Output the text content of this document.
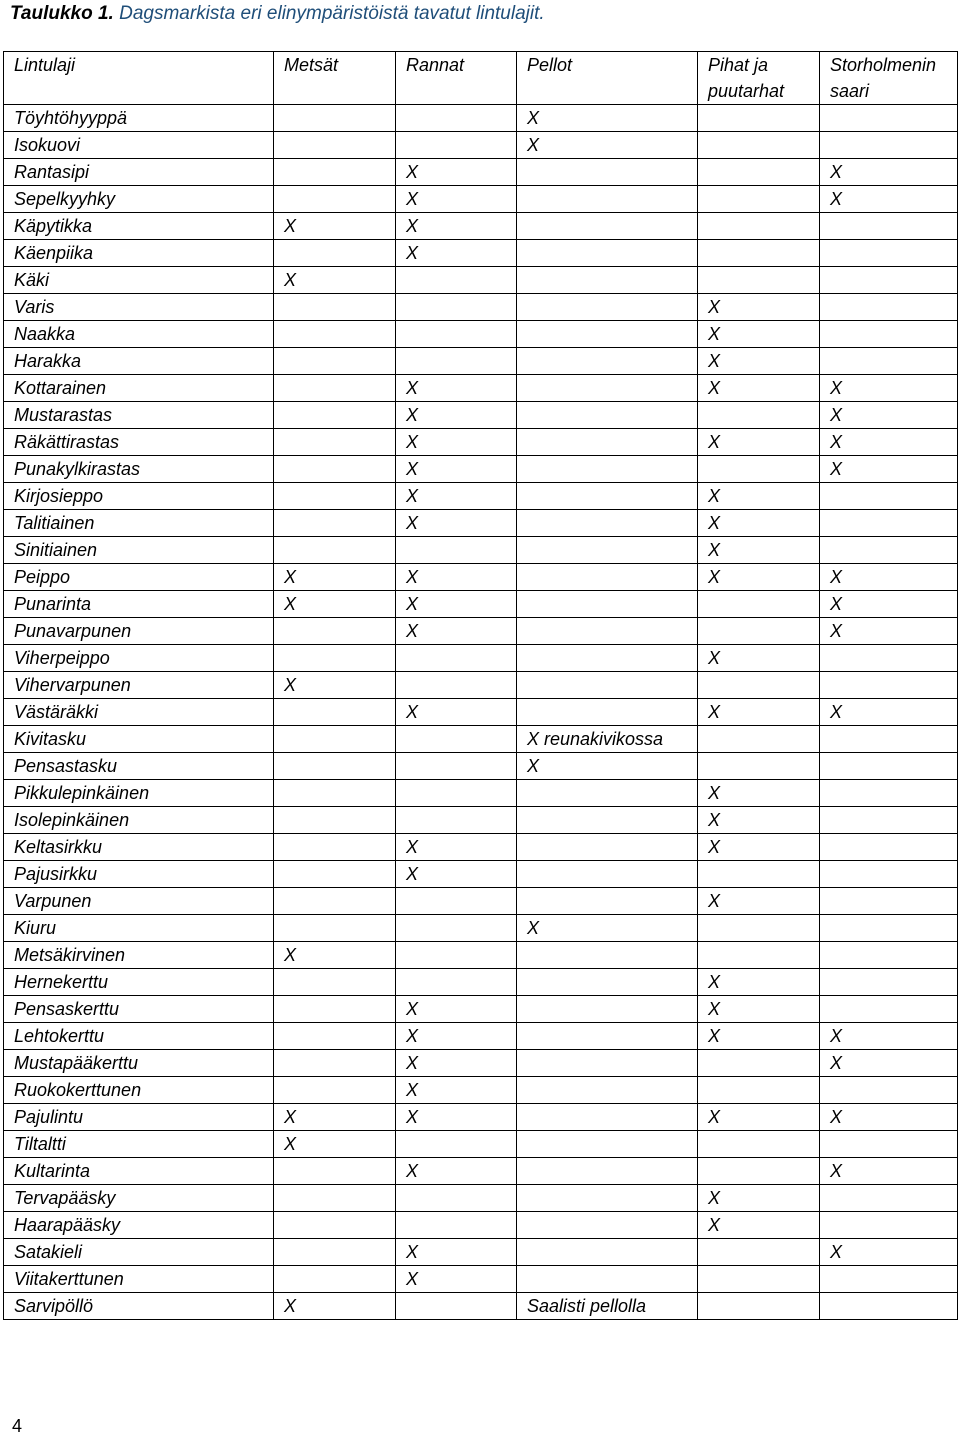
Taulukko 1. Dagsmarkista eri elinympäristöistä tavatut lintulajit.
Lintulaji	Metsät	Rannat	Pellot	Pihat ja puutarhat	Storholmenin saari
Töyhtöhyyppä			X		
Isokuovi			X		
Rantasipi		X			X
Sepelkyyhky		X			X
Käpytikka	X	X			
Käenpiika		X			
Käki	X				
Varis				X	
Naakka				X	
Harakka				X	
Kottarainen		X		X	X
Mustarastas		X			X
Räkättirastas		X		X	X
Punakylkirastas		X			X
Kirjosieppo		X		X	
Talitiainen		X		X	
Sinitiainen				X	
Peippo	X	X		X	X
Punarinta	X	X			X
Punavarpunen		X			X
Viherpeippo				X	
Vihervarpunen	X				
Västäräkki		X		X	X
Kivitasku			X reunakivikossa		
Pensastasku			X		
Pikkulepinkäinen				X	
Isolepinkäinen				X	
Keltasirkku		X		X	
Pajusirkku		X			
Varpunen				X	
Kiuru			X		
Metsäkirvinen	X				
Hernekerttu				X	
Pensaskerttu		X		X	
Lehtokerttu		X		X	X
Mustapääkerttu		X			X
Ruokokerttunen		X			
Pajulintu	X	X		X	X
Tiltaltti	X				
Kultarinta		X			X
Tervapääsky				X	
Haarapääsky				X	
Satakieli		X			X
Viitakerttunen		X			
Sarvipöllö	X		Saalisti pellolla		
4
